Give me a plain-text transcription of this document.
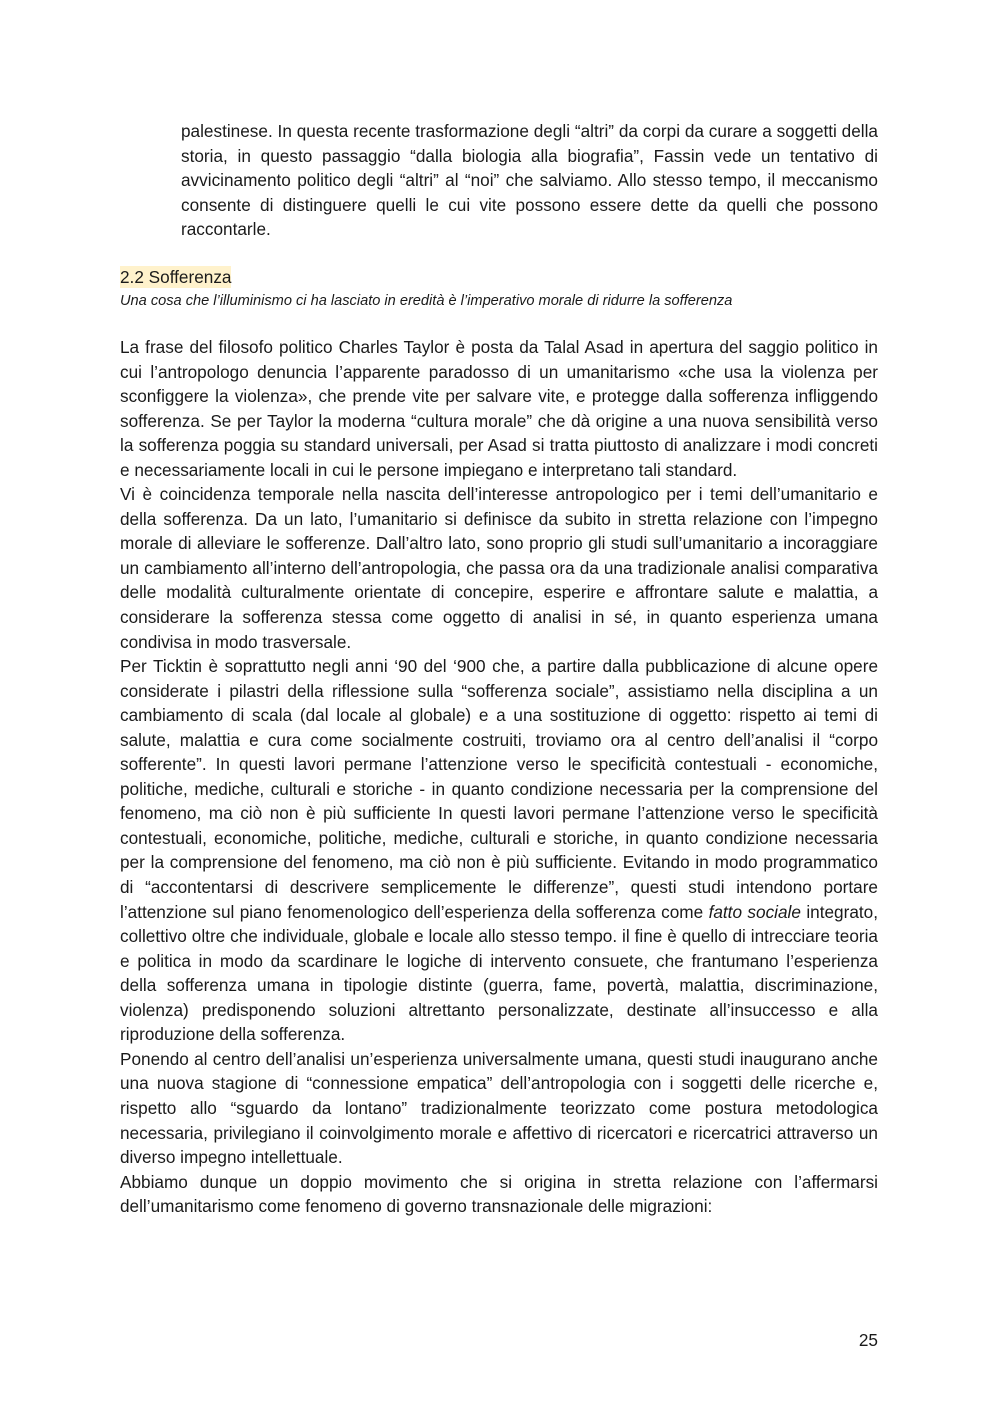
palestinese. In questa recente trasformazione degli “altri” da corpi da curare a soggetti della storia, in questo passaggio “dalla biologia alla biografia”, Fassin vede un tentativo di avvicinamento politico degli “altri” al “noi” che salviamo. Allo stesso tempo, il meccanismo consente di distinguere quelli le cui vite possono essere dette da quelli che possono raccontarle.

2.2 Sofferenza

Una cosa che l’illuminismo ci ha lasciato in eredità è l’imperativo morale di ridurre la sofferenza

La frase del filosofo politico Charles Taylor è posta da Talal Asad in apertura del saggio politico in cui l’antropologo denuncia l’apparente paradosso di un umanitarismo «che usa la violenza per sconfiggere la violenza», che prende vite per salvare vite, e protegge dalla sofferenza infliggendo sofferenza. Se per Taylor la moderna “cultura morale” che dà origine a una nuova sensibilità verso la sofferenza poggia su standard universali, per Asad si tratta piuttosto di analizzare i modi concreti e necessariamente locali in cui le persone impiegano e interpretano tali standard.

Vi è coincidenza temporale nella nascita dell’interesse antropologico per i temi dell’umanitario e della sofferenza. Da un lato, l’umanitario si definisce da subito in stretta relazione con l’impegno morale di alleviare le sofferenze. Dall’altro lato, sono proprio gli studi sull’umanitario a incoraggiare un cambiamento all’interno dell’antropologia, che passa ora da una tradizionale analisi comparativa delle modalità culturalmente orientate di concepire, esperire e affrontare salute e malattia, a considerare la sofferenza stessa come oggetto di analisi in sé, in quanto esperienza umana condivisa in modo trasversale.

Per Ticktin è soprattutto negli anni ‘90 del ‘900 che, a partire dalla pubblicazione di alcune opere considerate i pilastri della riflessione sulla “sofferenza sociale”, assistiamo nella disciplina a un cambiamento di scala (dal locale al globale) e a una sostituzione di oggetto: rispetto ai temi di salute, malattia e cura come socialmente costruiti, troviamo ora al centro dell’analisi il “corpo sofferente”. In questi lavori permane l’attenzione verso le specificità contestuali - economiche, politiche, mediche, culturali e storiche - in quanto condizione necessaria per la comprensione del fenomeno, ma ciò non è più sufficiente In questi lavori permane l’attenzione verso le specificità contestuali, economiche, politiche, mediche, culturali e storiche, in quanto condizione necessaria per la comprensione del fenomeno, ma ciò non è più sufficiente. Evitando in modo programmatico di “accontentarsi di descrivere semplicemente le differenze”, questi studi intendono portare l’attenzione sul piano fenomenologico dell’esperienza della sofferenza come fatto sociale integrato, collettivo oltre che individuale, globale e locale allo stesso tempo. il fine è quello di intrecciare teoria e politica in modo da scardinare le logiche di intervento consuete, che frantumano l’esperienza della sofferenza umana in tipologie distinte (guerra, fame, povertà, malattia, discriminazione, violenza) predisponendo soluzioni altrettanto personalizzate, destinate all’insuccesso e alla riproduzione della sofferenza.

Ponendo al centro dell’analisi un’esperienza universalmente umana, questi studi inaugurano anche una nuova stagione di “connessione empatica” dell’antropologia con i soggetti delle ricerche e, rispetto allo “sguardo da lontano” tradizionalmente teorizzato come postura metodologica necessaria, privilegiano il coinvolgimento morale e affettivo di ricercatori e ricercatrici attraverso un diverso impegno intellettuale.

Abbiamo dunque un doppio movimento che si origina in stretta relazione con l’affermarsi dell’umanitarismo come fenomeno di governo transnazionale delle migrazioni:

25
